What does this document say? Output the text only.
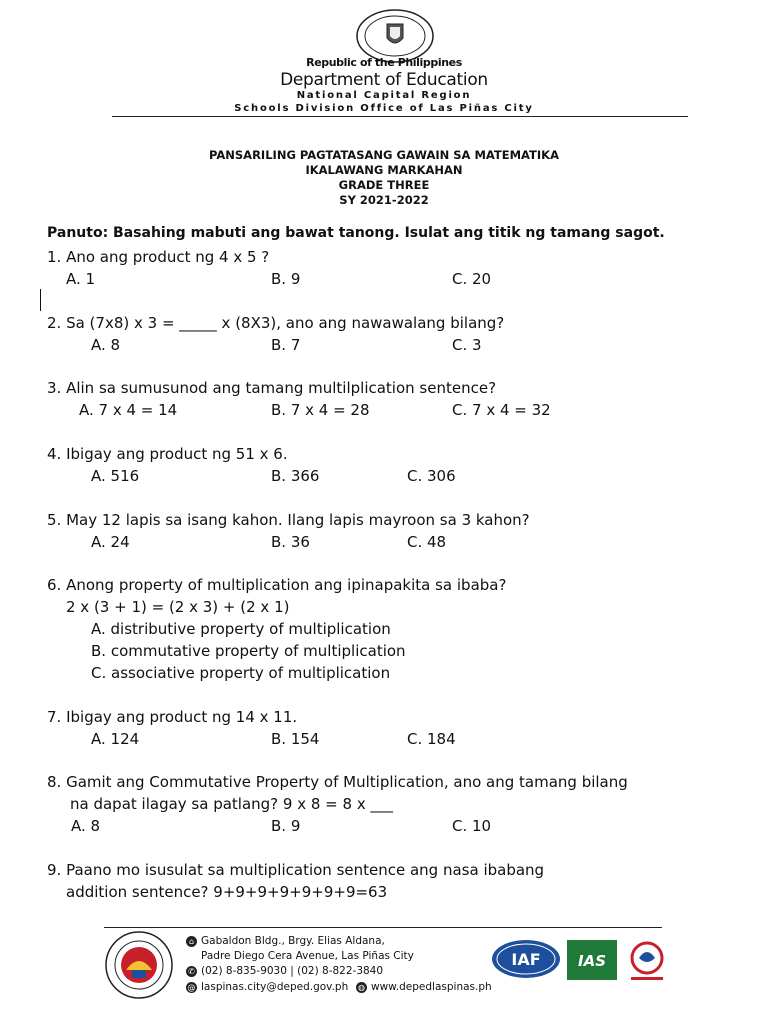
Republic of the Philippines
Department of Education
National Capital Region
Schools Division Office of Las Piñas City
PANSARILING PAGTATASANG GAWAIN SA MATEMATIKA
IKALAWANG MARKAHAN
GRADE THREE
SY 2021-2022
Panuto: Basahing mabuti ang bawat tanong. Isulat ang titik ng tamang sagot.
1. Ano ang product ng 4 x 5 ?
A. 1	B. 9	C. 20
2. Sa (7x8) x 3 = _____ x (8X3), ano ang nawawalang bilang?
A. 8	B. 7	C. 3
3. Alin sa sumusunod ang tamang multilplication sentence?
A. 7 x 4 = 14	B. 7 x 4 = 28	C. 7 x 4 = 32
4. Ibigay ang product ng 51 x 6.
A. 516	B. 366	C. 306
5. May 12 lapis sa isang kahon. Ilang lapis mayroon sa 3 kahon?
A. 24	B. 36	C. 48
6. Anong property of multiplication ang ipinapakita sa ibaba?
2 x (3 + 1) = (2 x 3) + (2 x 1)
A. distributive property of multiplication
B. commutative property of multiplication
C. associative property of multiplication
7. Ibigay ang product ng 14 x 11.
A. 124	B. 154	C. 184
8. Gamit ang Commutative Property of Multiplication, ano ang tamang bilang
na dapat ilagay sa patlang? 9 x 8 = 8 x ___
A. 8	B. 9	C. 10
9. Paano mo isusulat sa multiplication sentence ang nasa ibabang
addition sentence? 9+9+9+9+9+9+9=63
⌂ Gabaldon Bldg., Brgy. Elias Aldana,
Padre Diego Cera Avenue, Las Piñas City
✆ (02) 8-835-9030 | (02) 8-822-3840
@ laspinas.city@deped.gov.ph ◍ www.depedlaspinas.ph
IAF IAS
